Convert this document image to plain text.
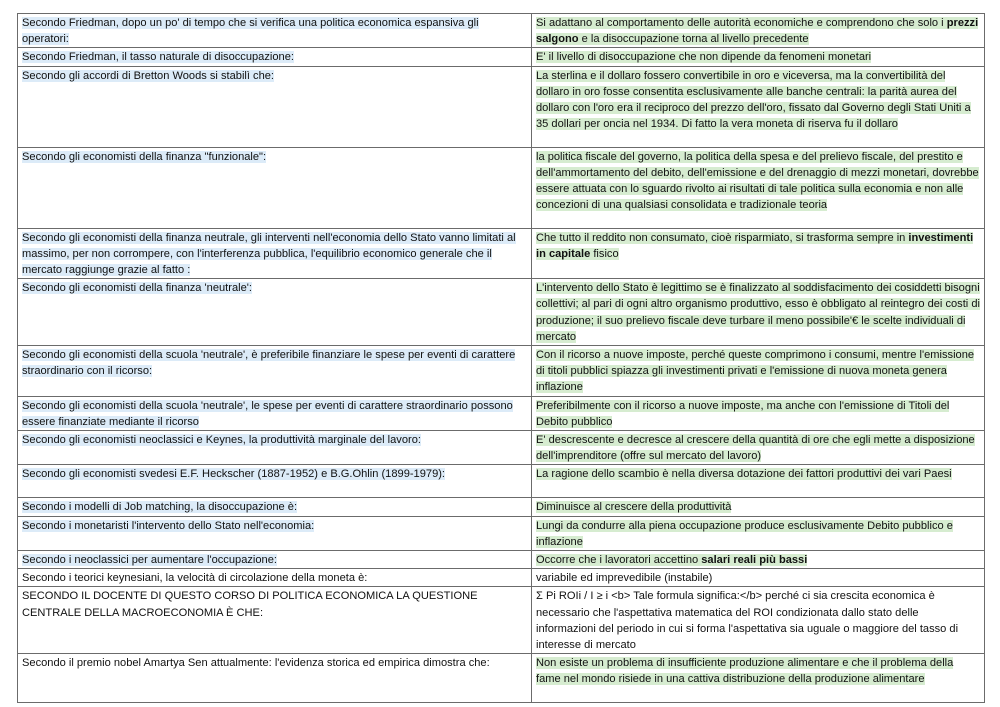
Secondo Friedman, dopo un po' di tempo che si verifica una politica economica espansiva gli operatori:	Si adattano al comportamento delle autorità economiche e comprendono che solo i prezzi salgono e la disoccupazione torna al livello precedente
Secondo Friedman, il tasso naturale di disoccupazione:	E' il livello di disoccupazione che non dipende da fenomeni monetari
Secondo gli accordi di Bretton Woods si stabilì che:	La sterlina e il dollaro fossero convertibile in oro e viceversa, ma la convertibilità del dollaro in oro fosse consentita esclusivamente alle banche centrali: la parità aurea del dollaro con l'oro era il reciproco del prezzo dell'oro, fissato dal Governo degli Stati Uniti a 35 dollari per oncia nel 1934. Di fatto la vera moneta di riserva fu il dollaro
Secondo gli economisti della finanza "funzionale":	la politica fiscale del governo, la politica della spesa e del prelievo fiscale, del prestito e dell'ammortamento del debito, dell'emissione e del drenaggio di mezzi monetari, dovrebbe essere attuata con lo sguardo rivolto ai risultati di tale politica sulla economia e non alle concezioni di una qualsiasi consolidata e tradizionale teoria
Secondo gli economisti della finanza neutrale, gli interventi nell'economia dello Stato vanno limitati al massimo, per non corrompere, con l'interferenza pubblica, l'equilibrio economico generale che il mercato raggiunge grazie al fatto :	Che tutto il reddito non consumato, cioè risparmiato, si trasforma sempre in investimenti in capitale fisico
Secondo gli economisti della finanza 'neutrale':	L'intervento dello Stato è legittimo se è finalizzato al soddisfacimento dei cosiddetti bisogni collettivi; al pari di ogni altro organismo produttivo, esso è obbligato al reintegro dei costi di produzione; il suo prelievo fiscale deve turbare il meno possibile'€ le scelte individuali di mercato
Secondo gli economisti della scuola 'neutrale', è preferibile finanziare le spese per eventi di carattere straordinario con il ricorso:	Con il ricorso a nuove imposte, perché queste comprimono i consumi, mentre l'emissione di titoli pubblici spiazza gli investimenti privati e l'emissione di nuova moneta genera inflazione
Secondo gli economisti della scuola 'neutrale', le spese per eventi di carattere straordinario possono essere finanziate mediante il ricorso	Preferibilmente con il ricorso a nuove imposte, ma anche con l'emissione di Titoli del Debito pubblico
Secondo gli economisti neoclassici e Keynes, la produttività marginale del lavoro:	E' descrescente e decresce al crescere della quantità di ore che egli mette a disposizione dell'imprenditore (offre sul mercato del lavoro)
Secondo gli economisti svedesi E.F. Heckscher (1887-1952) e B.G.Ohlin (1899-1979):	La ragione dello scambio è nella diversa dotazione dei fattori produttivi dei vari Paesi
Secondo i modelli di Job matching, la disoccupazione è:	Diminuisce al crescere della produttività
Secondo i monetaristi l'intervento dello Stato nell'economia:	Lungi da condurre alla piena occupazione produce esclusivamente Debito pubblico e inflazione
Secondo i neoclassici per aumentare l'occupazione:	Occorre che i lavoratori accettino salari reali più bassi
Secondo i teorici keynesiani, la velocità di circolazione della moneta è:	variabile ed imprevedibile (instabile)
SECONDO IL DOCENTE DI QUESTO CORSO DI POLITICA ECONOMICA LA QUESTIONE CENTRALE DELLA MACROECONOMIA È CHE:	Σ Pi ROIi / I ≥ i <b> Tale formula significa:</b> perché ci sia crescita economica è necessario che l'aspettativa matematica del ROI condizionata dallo stato delle informazioni del periodo in cui si forma l'aspettativa sia uguale o maggiore del tasso di interesse di mercato
Secondo il premio nobel Amartya Sen attualmente: l'evidenza storica ed empirica dimostra che:	Non esiste un problema di insufficiente produzione alimentare e che il problema della fame nel mondo risiede in una cattiva distribuzione della produzione alimentare
